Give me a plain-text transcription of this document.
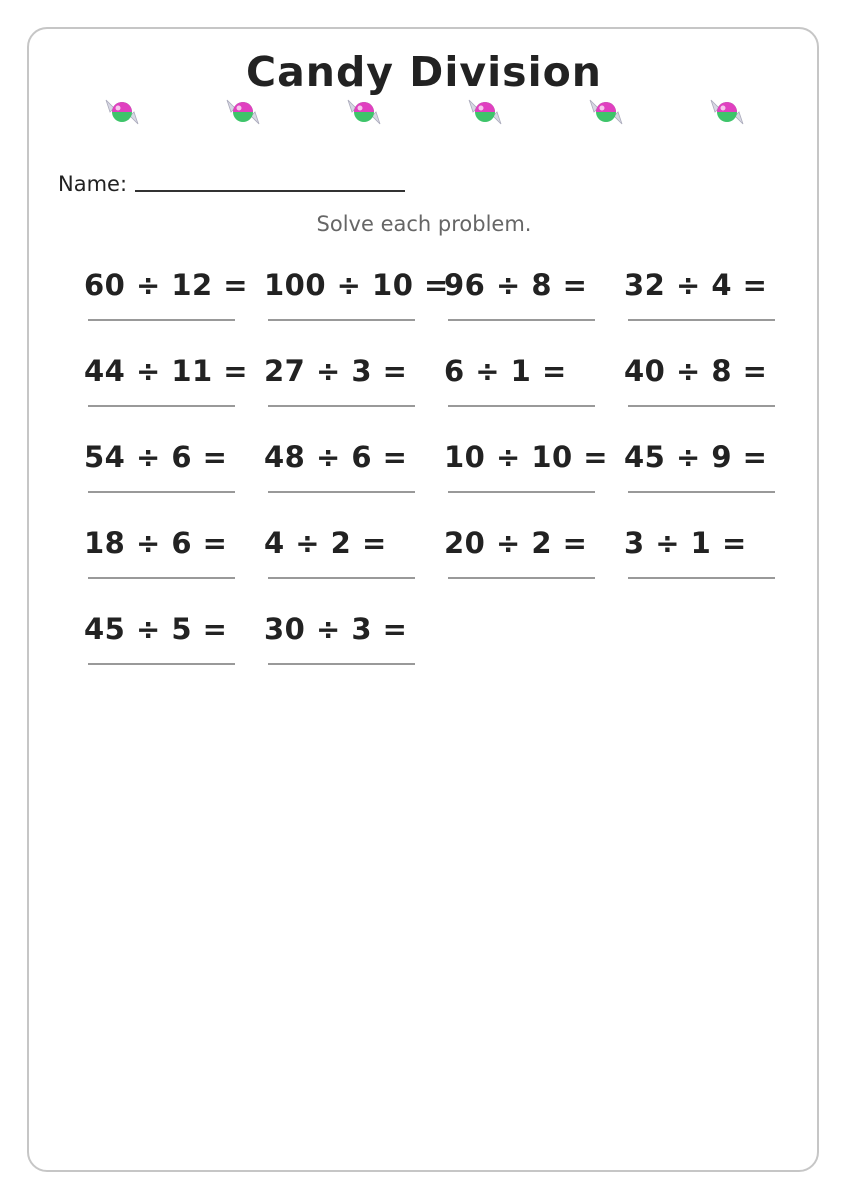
Candy Division
Name:
Solve each problem.
60 ÷ 12 = 100 ÷ 10 =
96 ÷ 8 = 32 ÷ 4 =
44 ÷ 11 = 27 ÷ 3 = 6 ÷ 1 = 40 ÷ 8 =
54 ÷ 6 = 48 ÷ 6 = 10 ÷ 10 = 45 ÷ 9 =
18 ÷ 6 = 4 ÷ 2 = 20 ÷ 2 = 3 ÷ 1 =
45 ÷ 5 = 30 ÷ 3 =
